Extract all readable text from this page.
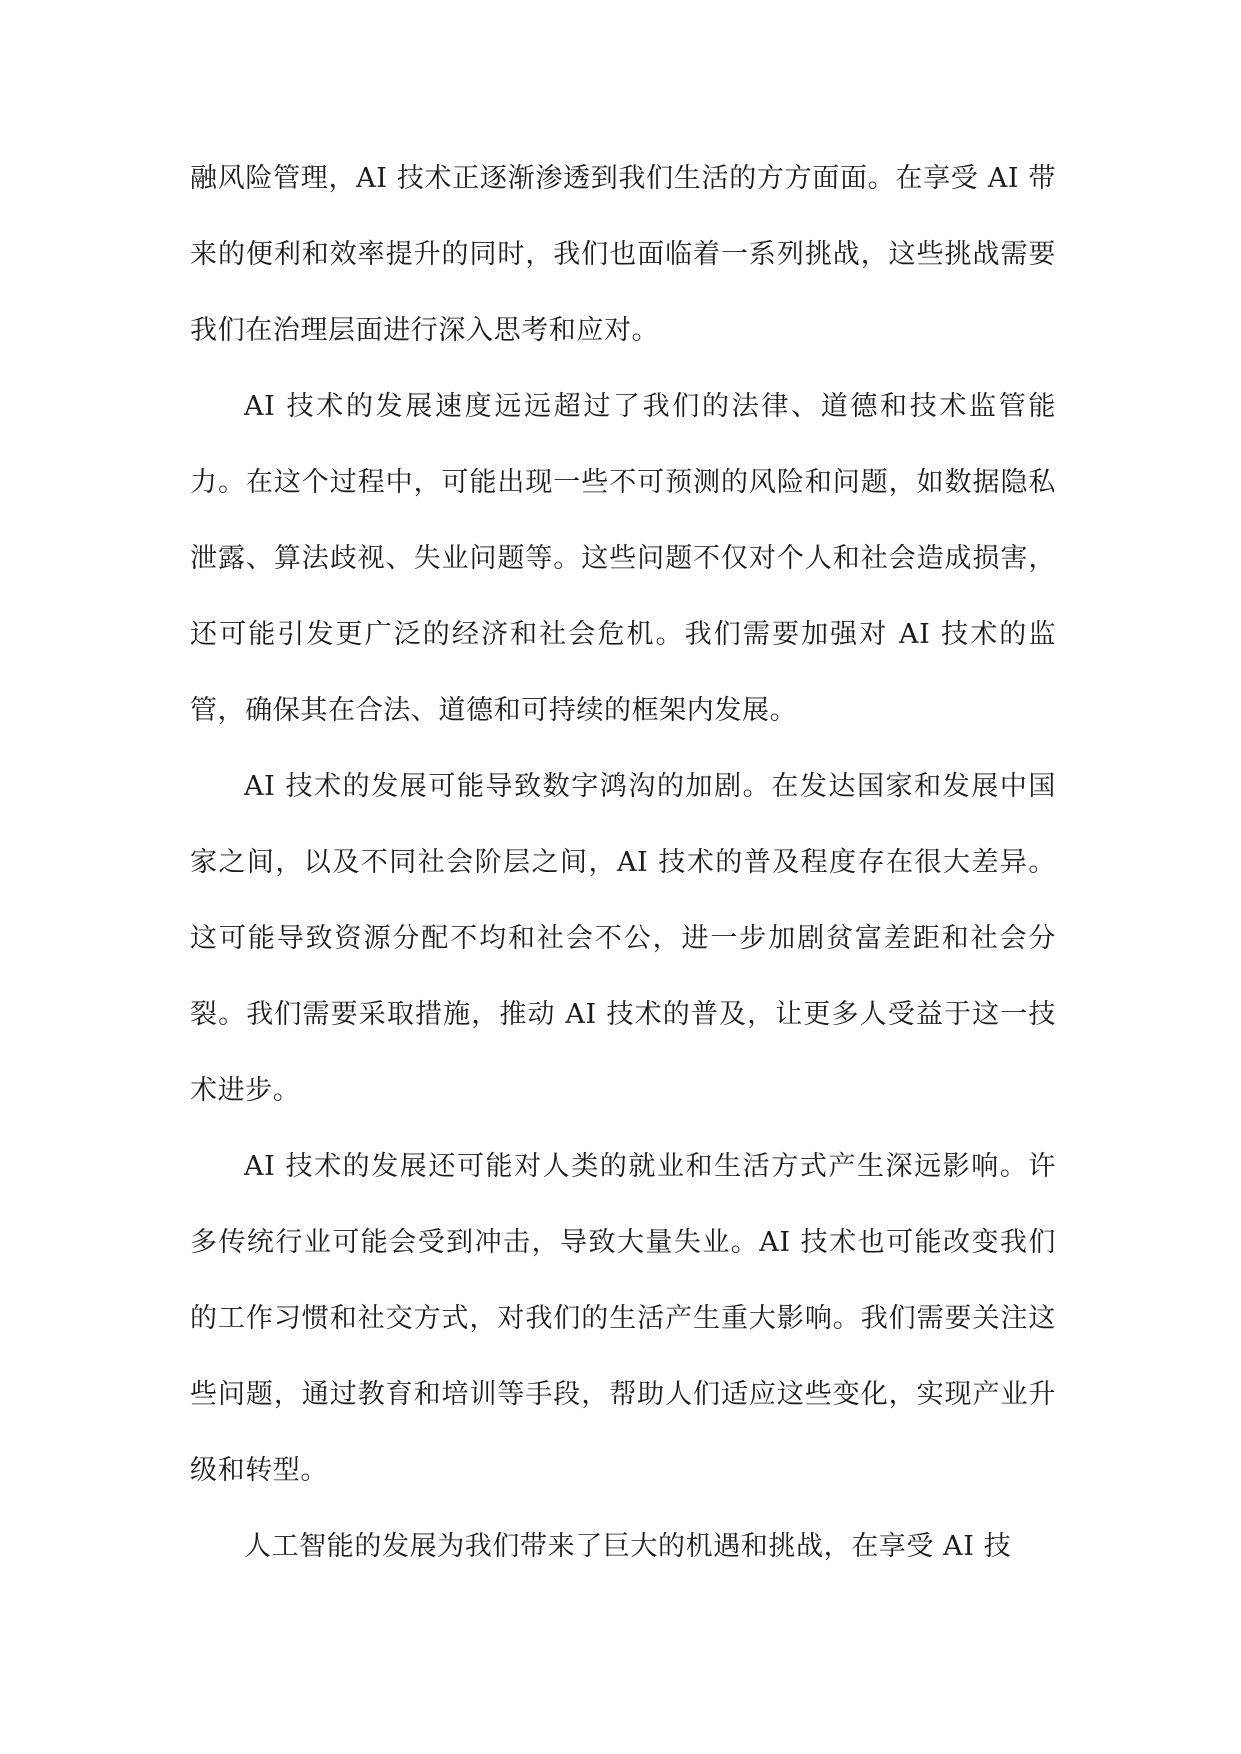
融风险管理，AI 技术正逐渐渗透到我们生活的方方面面。在享受 AI 带来的便利和效率提升的同时，我们也面临着一系列挑战，这些挑战需要我们在治理层面进行深入思考和应对。

AI 技术的发展速度远远超过了我们的法律、道德和技术监管能力。在这个过程中，可能出现一些不可预测的风险和问题，如数据隐私泄露、算法歧视、失业问题等。这些问题不仅对个人和社会造成损害，还可能引发更广泛的经济和社会危机。我们需要加强对 AI 技术的监管，确保其在合法、道德和可持续的框架内发展。

AI 技术的发展可能导致数字鸿沟的加剧。在发达国家和发展中国家之间，以及不同社会阶层之间，AI 技术的普及程度存在很大差异。这可能导致资源分配不均和社会不公，进一步加剧贫富差距和社会分裂。我们需要采取措施，推动 AI 技术的普及，让更多人受益于这一技术进步。

AI 技术的发展还可能对人类的就业和生活方式产生深远影响。许多传统行业可能会受到冲击，导致大量失业。AI 技术也可能改变我们的工作习惯和社交方式，对我们的生活产生重大影响。我们需要关注这些问题，通过教育和培训等手段，帮助人们适应这些变化，实现产业升级和转型。

人工智能的发展为我们带来了巨大的机遇和挑战，在享受 AI 技
